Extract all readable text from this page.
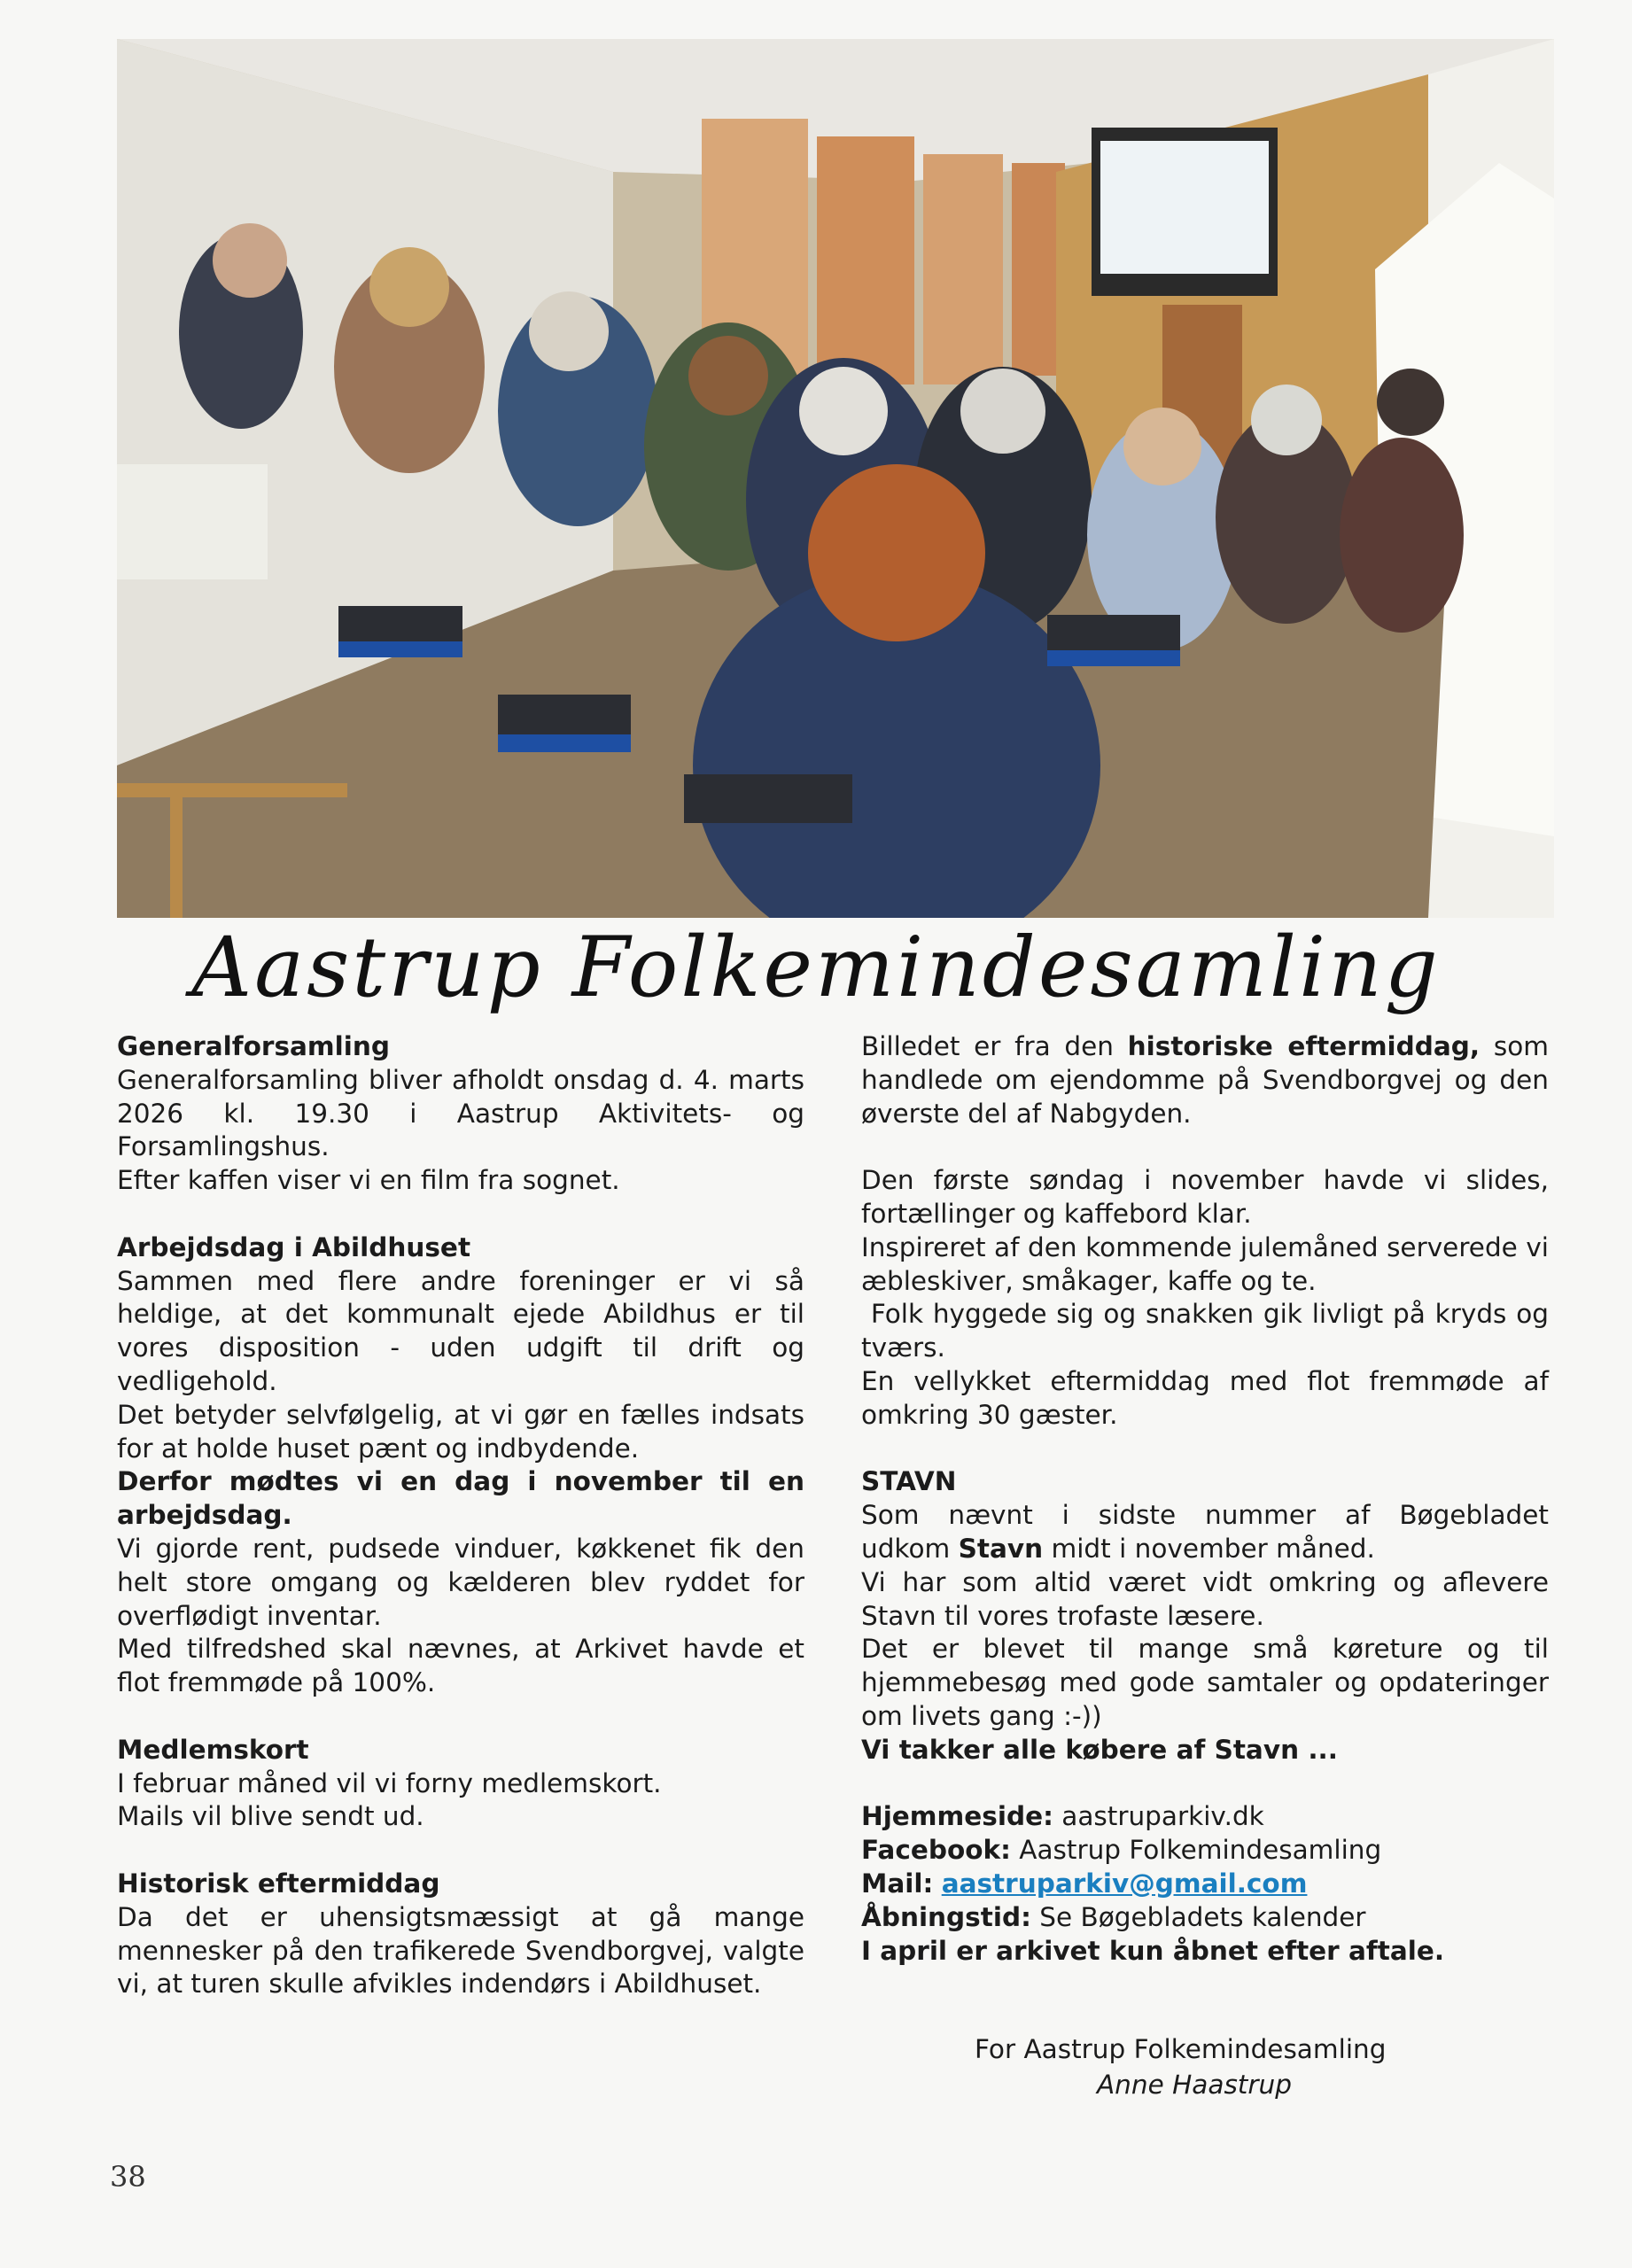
Aastrup Folkemindesamling

Generalforsamling

Generalforsamling bliver afholdt onsdag d. 4. marts 2026 kl. 19.30 i Aastrup Aktivitets- og Forsamlingshus.

Efter kaffen viser vi en film fra sognet.

Arbejdsdag i Abildhuset

Sammen med flere andre foreninger er vi så heldige, at det kommunalt ejede Abildhus er til vores disposition - uden udgift til drift og vedligehold.

Det betyder selvfølgelig, at vi gør en fælles indsats for at holde huset pænt og indbydende.

Derfor mødtes vi en dag i november til en arbejdsdag.

Vi gjorde rent, pudsede vinduer, køkkenet fik den helt store omgang og kælderen blev ryddet for overflødigt inventar.

Med tilfredshed skal nævnes, at Arkivet havde et flot fremmøde på 100%.

Medlemskort

I februar måned vil vi forny medlemskort.

Mails vil blive sendt ud.

Historisk eftermiddag

Da det er uhensigtsmæssigt at gå mange mennesker på den trafikerede Svendborgvej, valgte vi, at turen skulle afvikles indendørs i Abildhuset.

Billedet er fra den historiske eftermiddag, som handlede om ejendomme på Svendborgvej og den øverste del af Nabgyden.

Den første søndag i november havde vi slides, fortællinger og kaffebord klar.

Inspireret af den kommende julemåned serverede vi æbleskiver, småkager, kaffe og te.

Folk hyggede sig og snakken gik livligt på kryds og tværs.

En vellykket eftermiddag med flot fremmøde af omkring 30 gæster.

STAVN

Som nævnt i sidste nummer af Bøgebladet

udkom Stavn midt i november måned.

Vi har som altid været vidt omkring og aflevere Stavn til vores trofaste læsere.

Det er blevet til mange små køreture og til hjemmebesøg med gode samtaler og opdateringer om livets gang :-))

Vi takker alle købere af Stavn ...

Hjemmeside: aastruparkiv.dk

Facebook: Aastrup Folkemindesamling

Mail: aastruparkiv@gmail.com

Åbningstid: Se Bøgebladets kalender

I april er arkivet kun åbnet efter aftale.

For Aastrup Folkemindesamling
Anne Haastrup
38
